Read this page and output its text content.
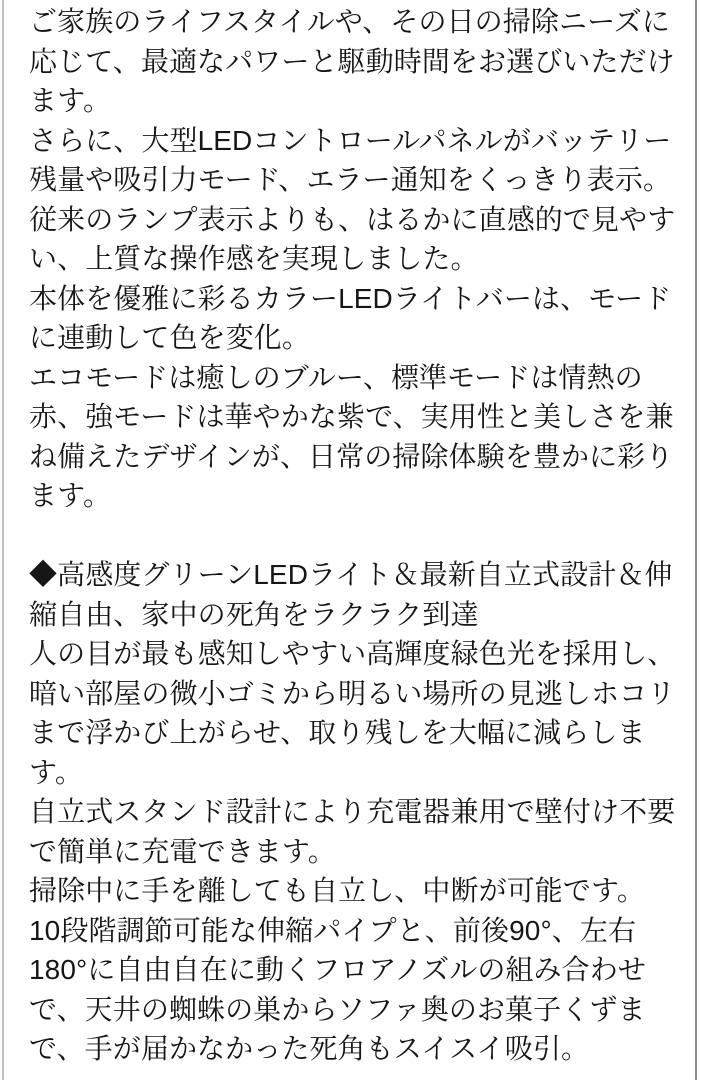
ご家族のライフスタイルや、その日の掃除ニーズに
応じて、最適なパワーと駆動時間をお選びいただけ
ます。
さらに、大型LEDコントロールパネルがバッテリー
残量や吸引力モード、エラー通知をくっきり表示。
従来のランプ表示よりも、はるかに直感的で見やす
い、上質な操作感を実現しました。
本体を優雅に彩るカラーLEDライトバーは、モード
に連動して色を変化。
エコモードは癒しのブルー、標準モードは情熱の
赤、強モードは華やかな紫で、実用性と美しさを兼
ね備えたデザインが、日常の掃除体験を豊かに彩り
ます。
◆高感度グリーンLEDライト＆最新自立式設計＆伸
縮自由、家中の死角をラクラク到達
人の目が最も感知しやすい高輝度緑色光を採用し、
暗い部屋の微小ゴミから明るい場所の見逃しホコリ
まで浮かび上がらせ、取り残しを大幅に減らしま
す。
自立式スタンド設計により充電器兼用で壁付け不要
で簡単に充電できます。
掃除中に手を離しても自立し、中断が可能です。
10段階調節可能な伸縮パイプと、前後90°、左右
180°に自由自在に動くフロアノズルの組み合わせ
で、天井の蜘蛛の巣からソファ奥のお菓子くずま
で、手が届かなかった死角もスイスイ吸引。
